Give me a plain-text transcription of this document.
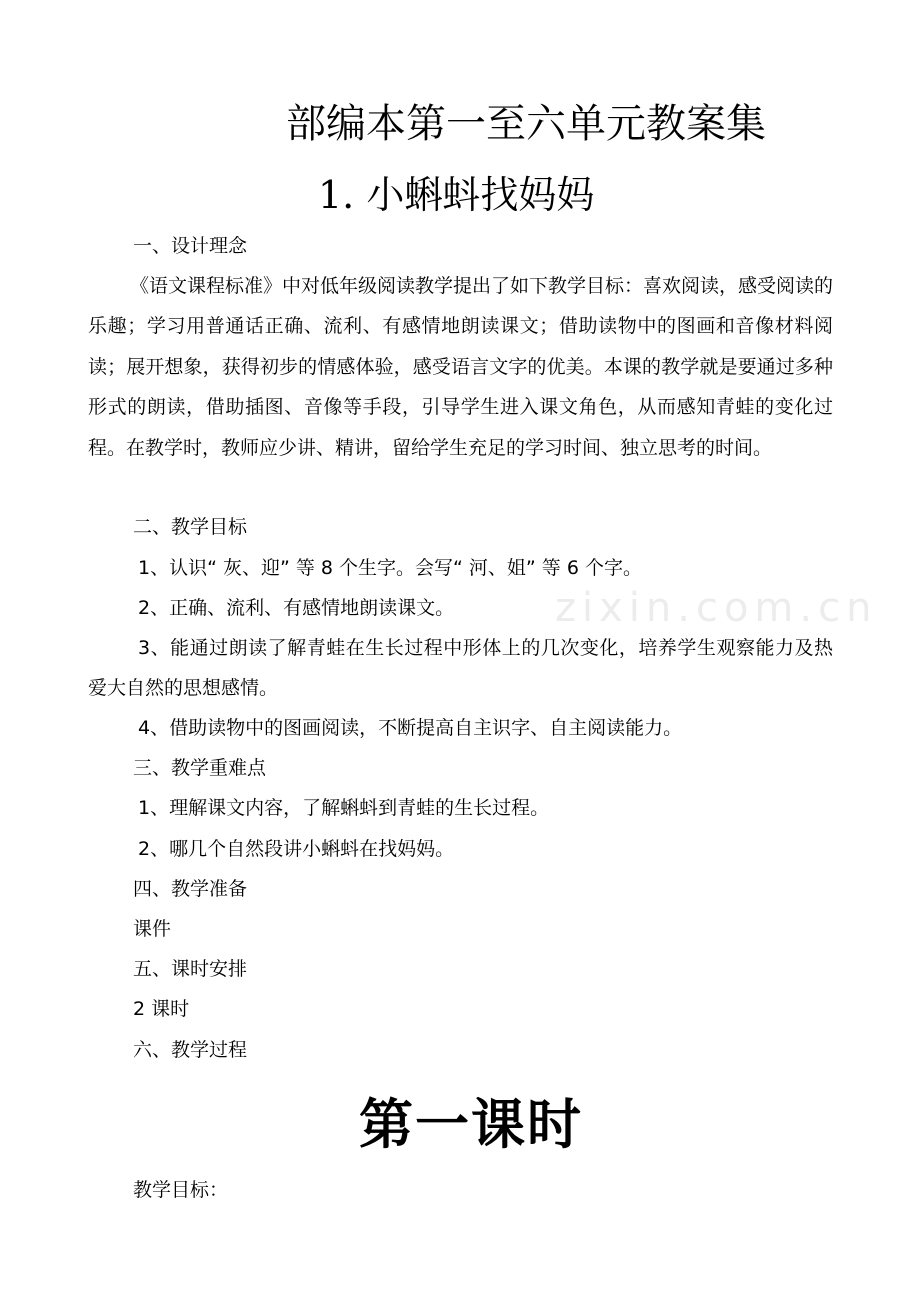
zixin.com.cn
部编本第一至六单元教案集
1. 小蝌蚪找妈妈
一、设计理念

《语文课程标准》中对低年级阅读教学提出了如下教学目标：喜欢阅读，感受阅读的乐趣；学习用普通话正确、流利、有感情地朗读课文；借助读物中的图画和音像材料阅读；展开想象，获得初步的情感体验，感受语言文字的优美。本课的教学就是要通过多种形式的朗读，借助插图、音像等手段，引导学生进入课文角色，从而感知青蛙的变化过程。在教学时，教师应少讲、精讲，留给学生充足的学习时间、独立思考的时间。

二、教学目标
1、认识“ 灰、迎” 等 8 个生字。会写“ 河、姐” 等 6 个字。
2、正确、流利、有感情地朗读课文。

3、能通过朗读了解青蛙在生长过程中形体上的几次变化，培养学生观察能力及热爱大自然的思想感情。

4、借助读物中的图画阅读，不断提高自主识字、自主阅读能力。
三、教学重难点
1、理解课文内容，了解蝌蚪到青蛙的生长过程。
2、哪几个自然段讲小蝌蚪在找妈妈。
四、教学准备
课件
五、课时安排
2 课时
六、教学过程
第一课时
教学目标：
